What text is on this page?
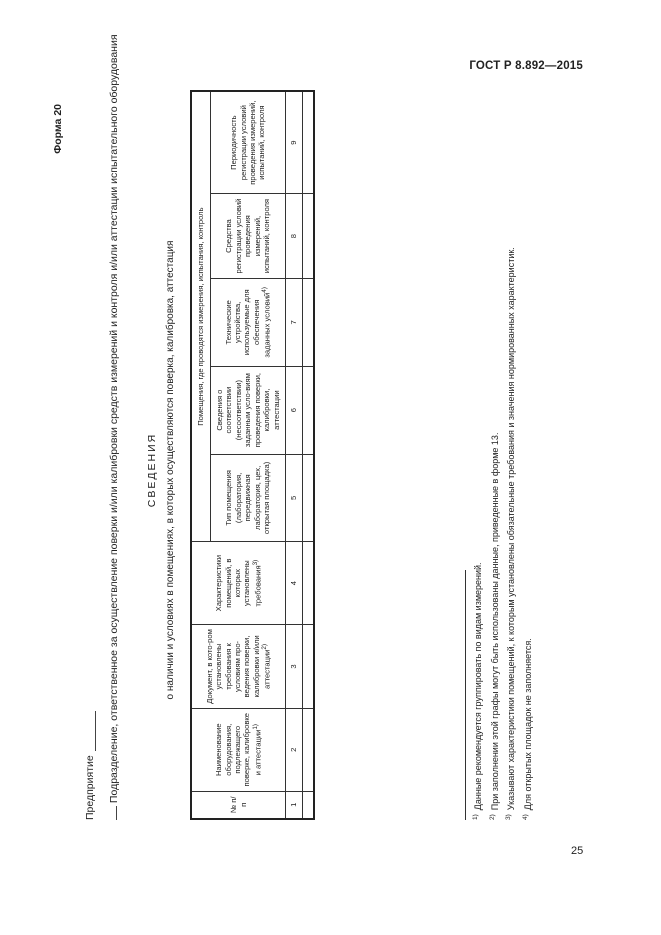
ГОСТ Р 8.892—2015
25
Форма 20
Предприятие Подразделение, ответственное за осуществление поверки и/или калибровки средств измерений и контроля и/или аттестации испытательного оборудования СВЕДЕНИЯ о наличии и условиях в помещениях, в которых осуществляются поверка, калибровка, аттестация
№ п/п	Наименование оборудования, подлежащего поверке, калибровке и аттестации$^{1)}$	Документ, в кото-ром установлены требования к условиям про-ведения поверки, калибровки и/или аттестации$^{2)}$	Характеристики помещений, в которых установлены требования$^{3)}$	Помещения, где проводятся измерения, испытания, контроль				
				Тип помещения (лаборатория, передвижная лаборатория, цех, открытая площадка)	Сведения о соответствии (несоответствии) заданным усло-виям проведения поверки, калибровки, аттестации	Технические устройства, используемые для обеспечения заданных условий$^{4)}$	Средства регистрации условий проведения измерений, испытаний, контроля	Периодичность регистрации условий проведения измерений, испытаний, контроля
1	2	3	4	5	6	7	8	9

$^{1)}$Данные рекомендуется группировать по видам измерений.
$^{2)}$При заполнении этой графы могут быть использованы данные, приведенные в форме 13.
$^{3)}$Указывают характеристики помещений, к которым установлены обязательные требования и значения нормированных характеристик.
$^{4)}$Для открытых площадок не заполняется.
